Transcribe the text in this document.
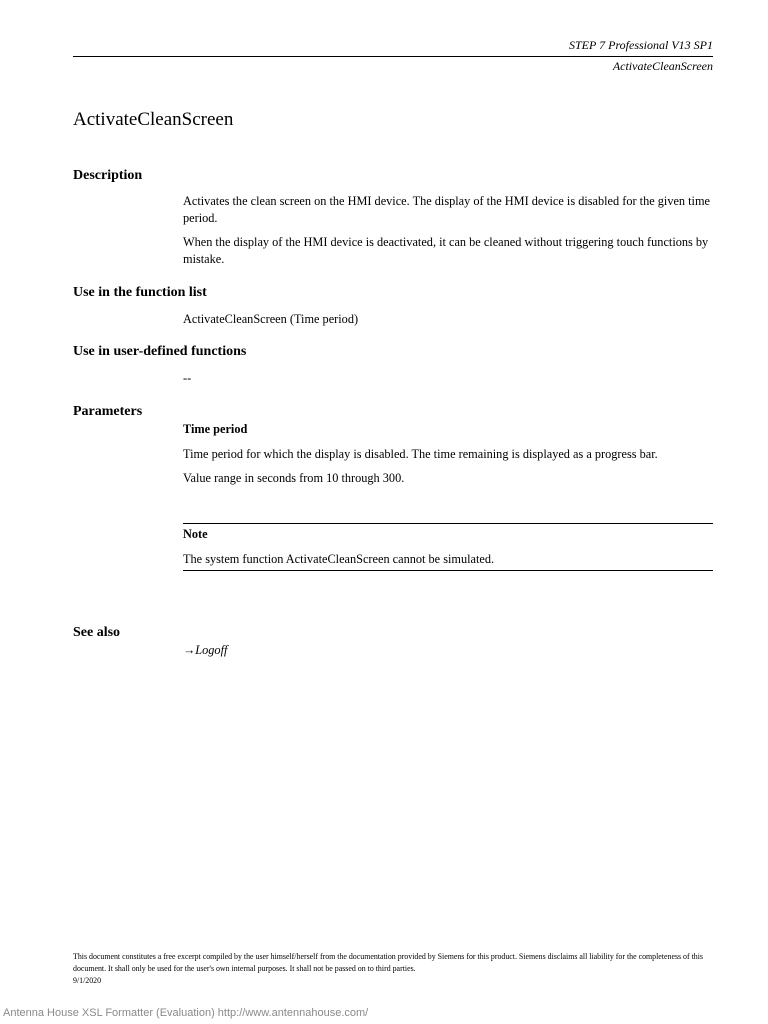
STEP 7 Professional V13 SP1
ActivateCleanScreen
ActivateCleanScreen
Description

Activates the clean screen on the HMI device. The display of the HMI device is disabled for the given time period.

When the display of the HMI device is deactivated, it can be cleaned without triggering touch functions by mistake.

Use in the function list

ActivateCleanScreen (Time period)

Use in user-defined functions

--

Parameters

Time period

Time period for which the display is disabled. The time remaining is displayed as a progress bar.

Value range in seconds from 10 through 300.

Note

The system function ActivateCleanScreen cannot be simulated.

See also
→Logoff
This document constitutes a free excerpt compiled by the user himself/herself from the documentation provided by Siemens for this product. Siemens disclaims all liability for the completeness of this document. It shall only be used for the user's own internal purposes. It shall not be passed on to third parties.
9/1/2020
Antenna House XSL Formatter (Evaluation) http://www.antennahouse.com/
